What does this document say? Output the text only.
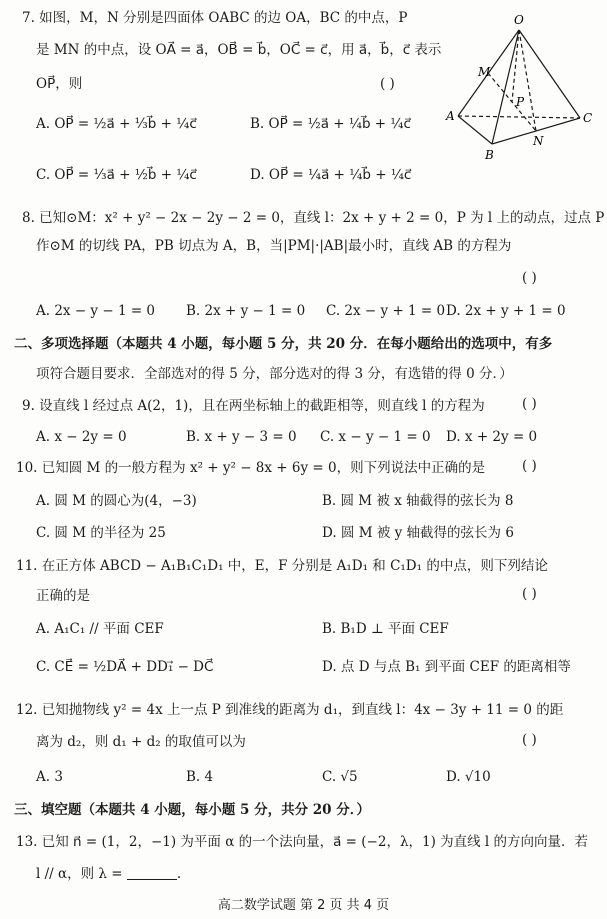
7. 如图，M，N 分别是四面体 OABC 的边 OA，BC 的中点，P
是 MN 的中点，设 OA⃗ = a⃗，OB⃗ = b⃗，OC⃗ = c⃗，用 a⃗，b⃗，c⃗ 表示
OP⃗，则	( )
A. OP⃗ = ½a⃗ + ⅓b⃗ + ¼c⃗	B. OP⃗ = ½a⃗ + ¼b⃗ + ¼c⃗
C. OP⃗ = ⅓a⃗ + ½b⃗ + ¼c⃗	D. OP⃗ = ¼a⃗ + ¼b⃗ + ¼c⃗
O
M
P
A
B
C
N
8. 已知⊙M：x² + y² − 2x − 2y − 2 = 0，直线 l：2x + y + 2 = 0，P 为 l 上的动点，过点 P
作⊙M 的切线 PA，PB 切点为 A，B，当|PM|·|AB|最小时，直线 AB 的方程为
( )
A. 2x − y − 1 = 0 B. 2x + y − 1 = 0 C. 2x − y + 1 = 0 D. 2x + y + 1 = 0
二、多项选择题（本题共 4 小题，每小题 5 分，共 20 分．在每小题给出的选项中，有多
项符合题目要求．全部选对的得 5 分，部分选对的得 3 分，有选错的得 0 分．）
9. 设直线 l 经过点 A(2，1)，且在两坐标轴上的截距相等，则直线 l 的方程为	( )
A. x − 2y = 0	B. x + y − 3 = 0 C. x − y − 1 = 0 D. x + 2y = 0
10. 已知圆 M 的一般方程为 x² + y² − 8x + 6y = 0，则下列说法中正确的是	( )
A. 圆 M 的圆心为(4，−3)	B. 圆 M 被 x 轴截得的弦长为 8
C. 圆 M 的半径为 25	D. 圆 M 被 y 轴截得的弦长为 6
11. 在正方体 ABCD − A₁B₁C₁D₁ 中，E，F 分别是 A₁D₁ 和 C₁D₁ 的中点，则下列结论
正确的是	( )
A. A₁C₁ // 平面 CEF	B. B₁D ⊥ 平面 CEF
C. CE⃗ = ½DA⃗ + DD₁⃗ − DC⃗	D. 点 D 与点 B₁ 到平面 CEF 的距离相等
12. 已知抛物线 y² = 4x 上一点 P 到准线的距离为 d₁，到直线 l：4x − 3y + 11 = 0 的距
离为 d₂，则 d₁ + d₂ 的取值可以为	( )
A. 3	B. 4	C. √5	D. √10
三、填空题（本题共 4 小题，每小题 5 分，共分 20 分．）
13. 已知 n⃗ = (1，2，−1) 为平面 α 的一个法向量，a⃗ = (−2，λ，1) 为直线 l 的方向向量．若
l // α，则 λ =	.
高二数学试题 第 2 页 共 4 页
